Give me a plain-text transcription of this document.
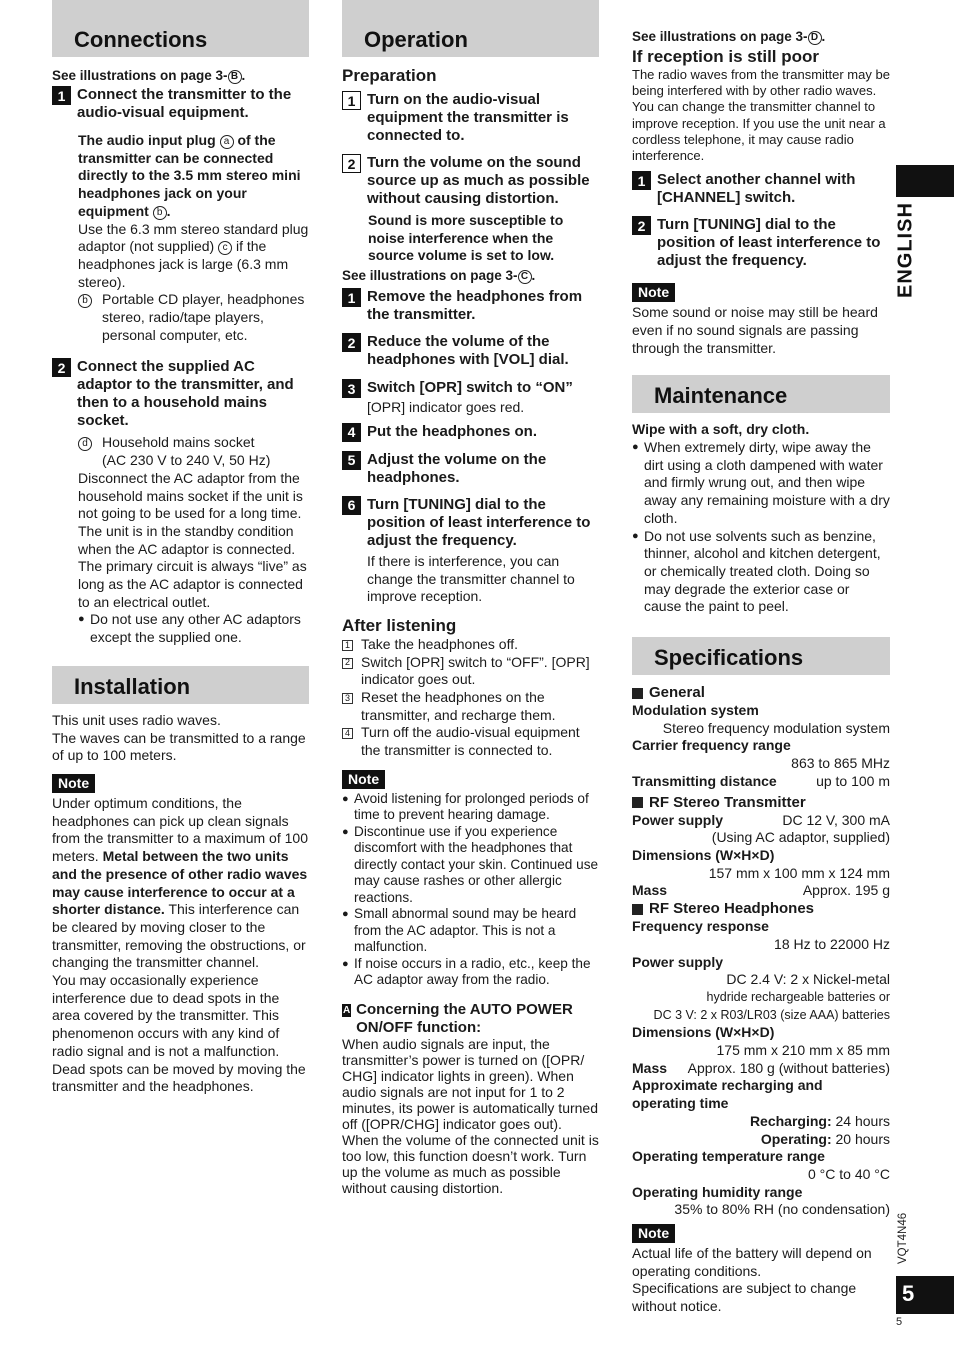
Connections
See illustrations on page 3- B .
1 Connect the transmitter to the audio-visual equipment.
The audio input plug a of the transmitter can be connected directly to the 3.5 mm stereo mini headphones jack on your equipment b .
Use the 6.3 mm stereo standard plug adaptor (not supplied) c if the headphones jack is large (6.3 mm stereo).
b	Portable CD player, headphones stereo, radio/tape players, personal computer, etc.
2 Connect the supplied AC adaptor to the transmitter, and then to a household mains socket.
d	Household mains socket
(AC 230 V to 240 V, 50 Hz)
Disconnect the AC adaptor from the household mains socket if the unit is not going to be used for a long time.
The unit is in the standby condition when the AC adaptor is connected. The primary circuit is always “live” as long as the AC adaptor is connected to an electrical outlet.
● Do not use any other AC adaptors except the supplied one.
Installation
This unit uses radio waves.
The waves can be transmitted to a range of up to 100 meters.
Note
Under optimum conditions, the headphones can pick up clean signals from the transmitter to a maximum of 100 meters. Metal between the two units and the presence of other radio waves may cause interference to occur at a shorter distance. This interference can be cleared by moving closer to the transmitter, removing the obstructions, or changing the transmitter channel.
You may occasionally experience interference due to dead spots in the area covered by the transmitter. This phenomenon occurs with any kind of radio signal and is not a malfunction. Dead spots can be moved by moving the transmitter and the headphones.
Operation
Preparation
1 Turn on the audio-visual equipment the transmitter is connected to.
2 Turn the volume on the sound source up as much as possible without causing distortion.
Sound is more susceptible to noise interference when the source volume is set to low.
See illustrations on page 3- C .
1 Remove the headphones from the transmitter.
2 Reduce the volume of the headphones with [VOL] dial.
3 Switch [OPR] switch to “ON”
[OPR] indicator goes red.
4 Put the headphones on.
5 Adjust the volume on the headphones.
6 Turn [TUNING] dial to the position of least interference to adjust the frequency.
If there is interference, you can change the transmitter channel to improve reception.
After listening
1 Take the headphones off.
2 Switch [OPR] switch to “OFF”. [OPR] indicator goes out.
3 Reset the headphones on the transmitter, and recharge them.
4 Turn off the audio-visual equipment the transmitter is connected to.
Note
● Avoid listening for prolonged periods of time to prevent hearing damage.
● Discontinue use if you experience discomfort with the headphones that directly contact your skin. Continued use may cause rashes or other allergic reactions.
● Small abnormal sound may be heard from the AC adaptor. This is not a malfunction.
● If noise occurs in a radio, etc., keep the AC adaptor away from the radio.
A Concerning the AUTO POWER ON/OFF function:
When audio signals are input, the transmitter’s power is turned on ([OPR/ CHG] indicator lights in green). When audio signals are not input for 1 to 2 minutes, its power is automatically turned off ([OPR/CHG] indicator goes out). When the volume of the connected unit is too low, this function doesn’t work. Turn up the volume as much as possible without causing distortion.
See illustrations on page 3- D .
If reception is still poor
The radio waves from the transmitter may be being interfered with by other radio waves. You can change the transmitter channel to improve reception. If you use the unit near a cordless telephone, it may cause radio interference.
1 Select another channel with [CHANNEL] switch.
2 Turn [TUNING] dial to the position of least interference to adjust the frequency.
Note
Some sound or noise may still be heard even if no sound signals are passing through the transmitter.
Maintenance
Wipe with a soft, dry cloth.
● When extremely dirty, wipe away the dirt using a cloth dampened with water and firmly wrung out, and then wipe away any remaining moisture with a dry cloth.
● Do not use solvents such as benzine, thinner, alcohol and kitchen detergent, or chemically treated cloth. Doing so may degrade the exterior case or cause the paint to peel.
Specifications
General
Modulation system
Stereo frequency modulation system
Carrier frequency range
863 to 865 MHz
Transmitting distance	up to 100 m
RF Stereo Transmitter
Power supply	DC 12 V, 300 mA
(Using AC adaptor, supplied)
Dimensions (W×H×D)
157 mm x 100 mm x 124 mm
Mass	Approx. 195 g
RF Stereo Headphones
Frequency response
18 Hz to 22000 Hz
Power supply
DC 2.4 V: 2 x Nickel-metal
hydride rechargeable batteries or
DC 3 V: 2 x R03/LR03 (size AAA) batteries
Dimensions (W×H×D)
175 mm x 210 mm x 85 mm
Mass Approx. 180 g (without batteries)
Approximate recharging and operating time
Recharging: 24 hours
Operating: 20 hours
Operating temperature range
0 °C to 40 °C
Operating humidity range
35% to 80% RH (no condensation)
Note
Actual life of the battery will depend on operating conditions.
Specifications are subject to change without notice.
ENGLISH
VQT4N46
5
5
